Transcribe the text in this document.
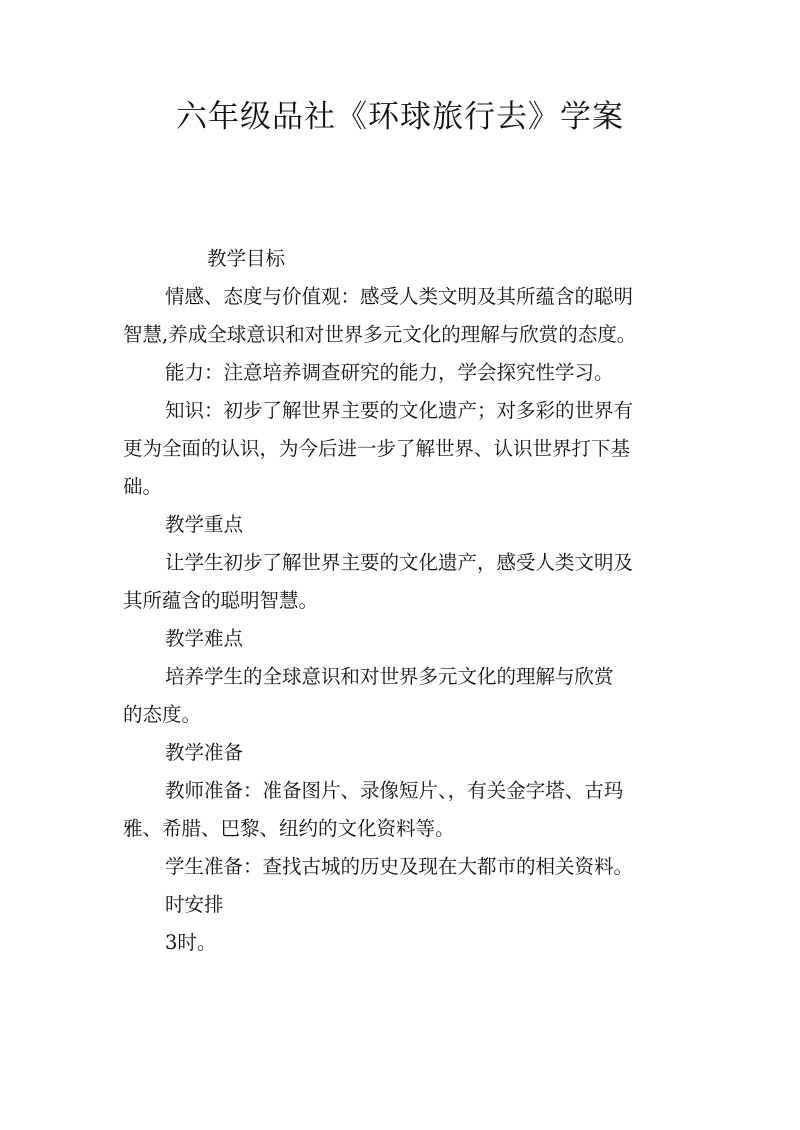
六年级品社《环球旅行去》学案
教学目标
情感、态度与价值观：感受人类文明及其所蕴含的聪明
智慧,养成全球意识和对世界多元文化的理解与欣赏的态度。
能力：注意培养调查研究的能力，学会探究性学习。
知识：初步了解世界主要的文化遗产；对多彩的世界有
更为全面的认识，为今后进一步了解世界、认识世界打下基
础。
教学重点
让学生初步了解世界主要的文化遗产，感受人类文明及
其所蕴含的聪明智慧。
教学难点
培养学生的全球意识和对世界多元文化的理解与欣赏
的态度。
教学准备
教师准备：准备图片、录像短片、，有关金字塔、古玛
雅、希腊、巴黎、纽约的文化资料等。
学生准备：查找古城的历史及现在大都市的相关资料。
时安排
3时。
